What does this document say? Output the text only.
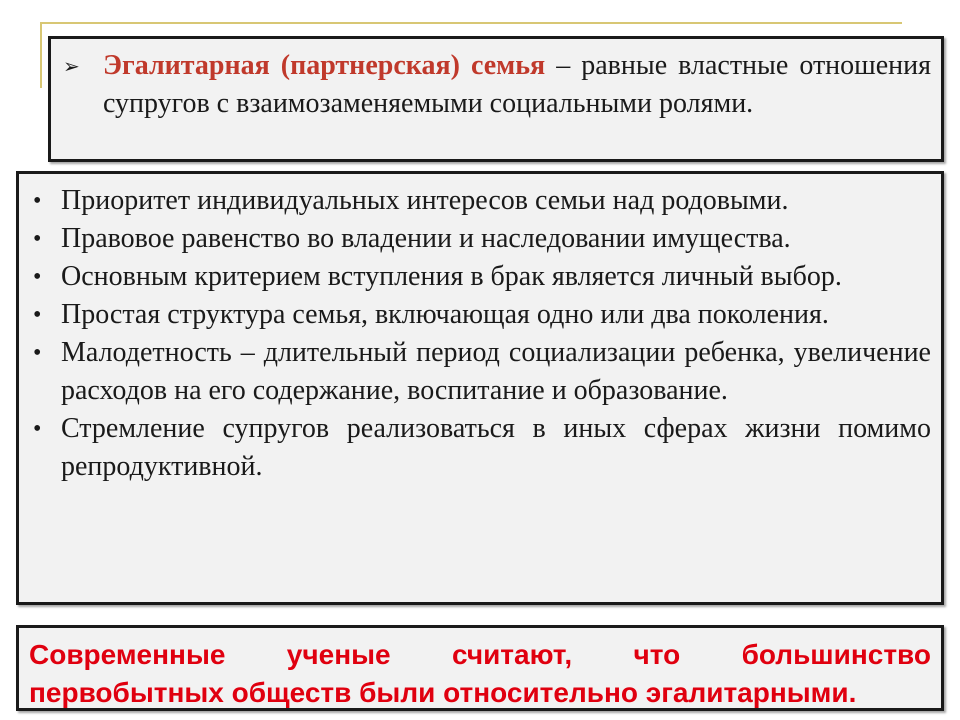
➢ Эгалитарная (партнерская) семья – равные властные отношения супругов с взаимозаменяемыми социальными ролями.
• Приоритет индивидуальных интересов семьи над родовыми.
• Правовое равенство во владении и наследовании имущества.
• Основным критерием вступления в брак является личный выбор.
• Простая структура семья, включающая одно или два поколения.
• Малодетность – длительный период социализации ребенка, увеличение расходов на его содержание, воспитание и образование.
• Стремление супругов реализоваться в иных сферах жизни помимо репродуктивной.
Современные ученые считают, что большинство
первобытных обществ были относительно эгалитарными.
